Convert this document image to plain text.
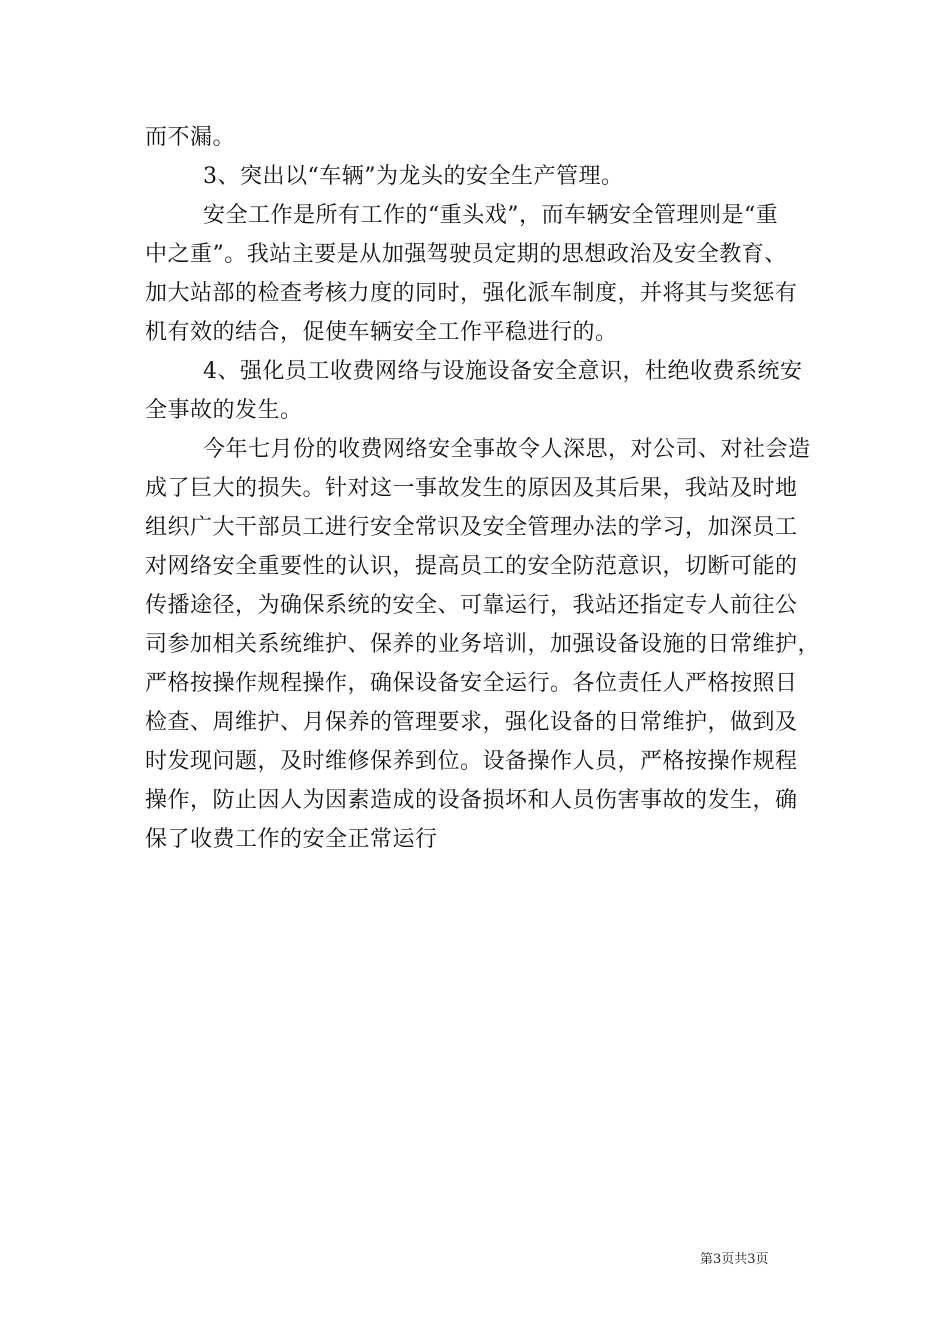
而不漏。
3、突出以“车辆”为龙头的安全生产管理。
安全工作是所有工作的“重头戏”，而车辆安全管理则是“重
中之重”。我站主要是从加强驾驶员定期的思想政治及安全教育、
加大站部的检查考核力度的同时，强化派车制度，并将其与奖惩有
机有效的结合，促使车辆安全工作平稳进行的。
4、强化员工收费网络与设施设备安全意识，杜绝收费系统安
全事故的发生。
今年七月份的收费网络安全事故令人深思，对公司、对社会造
成了巨大的损失。针对这一事故发生的原因及其后果，我站及时地
组织广大干部员工进行安全常识及安全管理办法的学习，加深员工
对网络安全重要性的认识，提高员工的安全防范意识，切断可能的
传播途径，为确保系统的安全、可靠运行，我站还指定专人前往公
司参加相关系统维护、保养的业务培训，加强设备设施的日常维护，
严格按操作规程操作，确保设备安全运行。各位责任人严格按照日
检查、周维护、月保养的管理要求，强化设备的日常维护，做到及
时发现问题，及时维修保养到位。设备操作人员，严格按操作规程
操作，防止因人为因素造成的设备损坏和人员伤害事故的发生，确
保了收费工作的安全正常运行
第3页共3页
